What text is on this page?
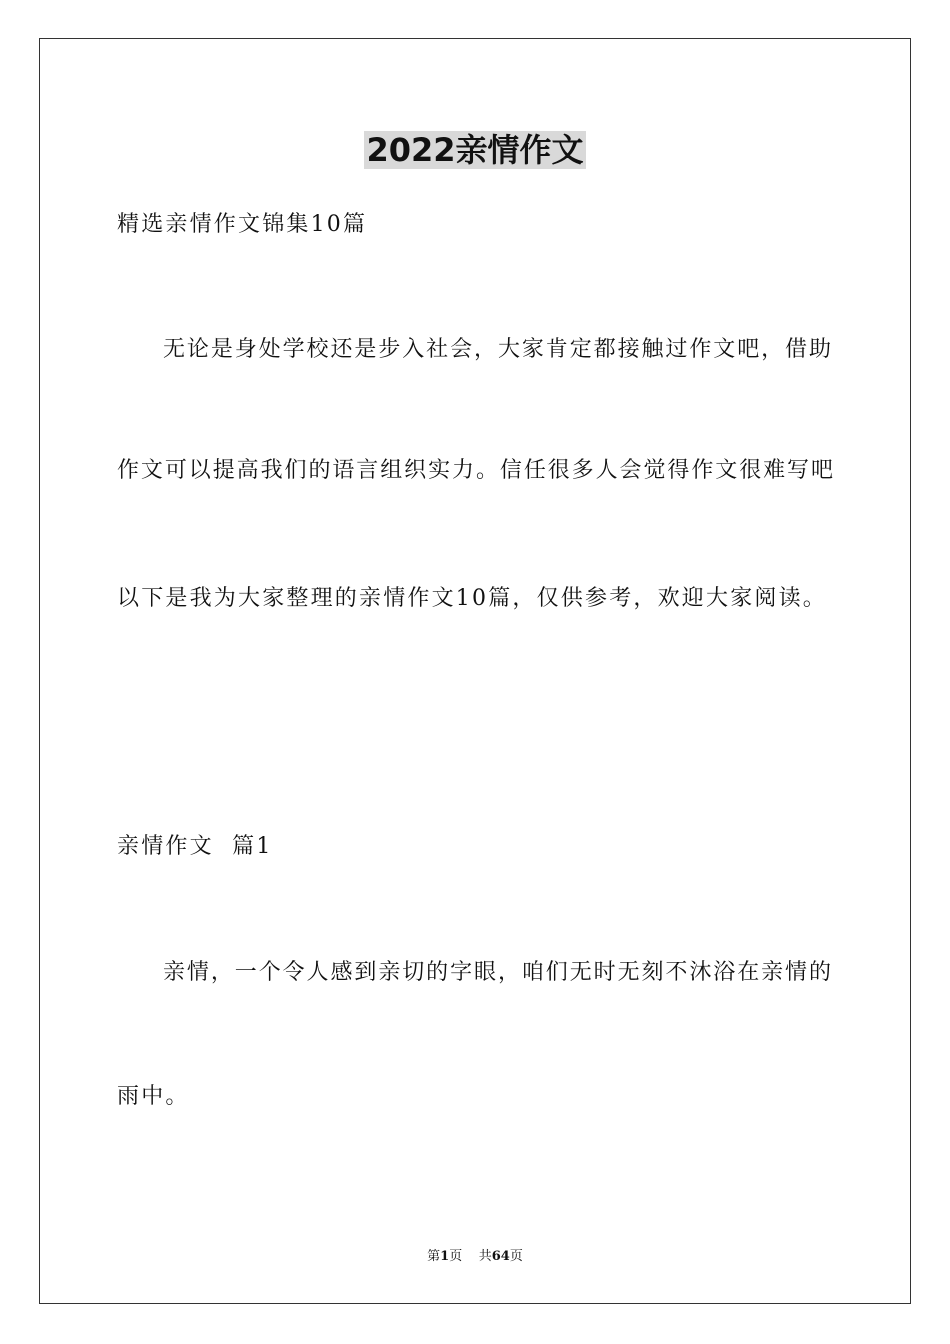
2022亲情作文
精选亲情作文锦集10篇
无论是身处学校还是步入社会，大家肯定都接触过作文吧，借助
作文可以提高我们的语言组织实力。信任很多人会觉得作文很难写吧
以下是我为大家整理的亲情作文10篇，仅供参考，欢迎大家阅读。
亲情作文  篇1
亲情，一个令人感到亲切的字眼，咱们无时无刻不沐浴在亲情的
雨中。
第1页 共64页
